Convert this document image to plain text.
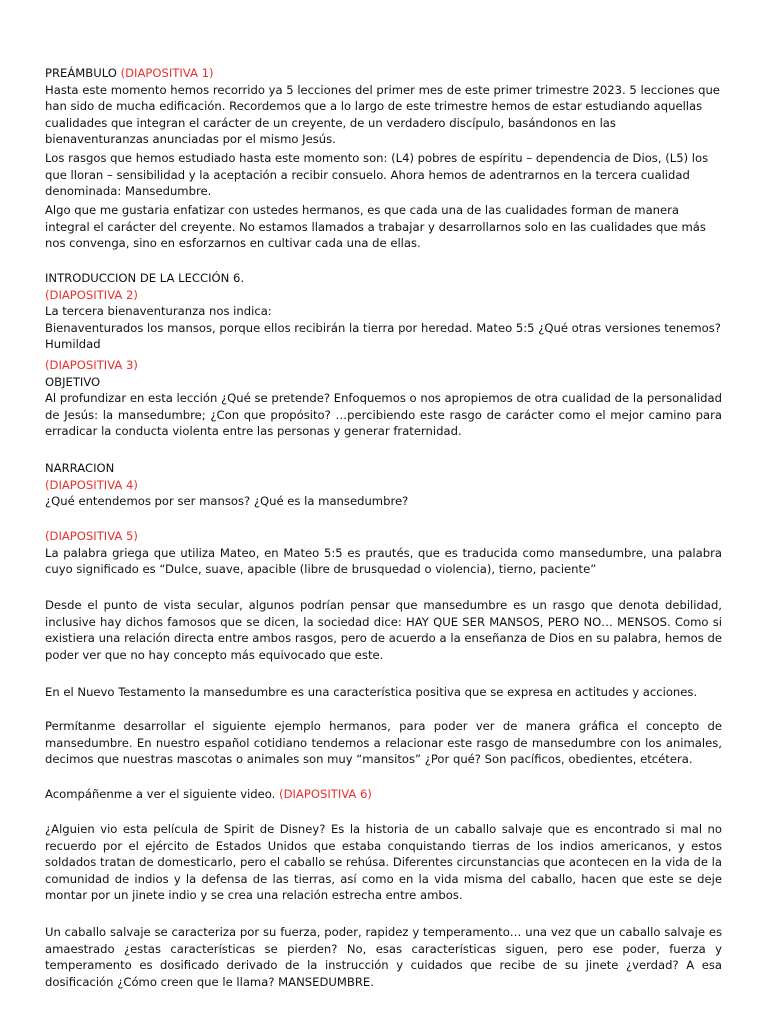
PREÁMBULO (DIAPOSITIVA 1)

Hasta este momento hemos recorrido ya 5 lecciones del primer mes de este primer trimestre 2023. 5 lecciones que han sido de mucha edificación. Recordemos que a lo largo de este trimestre hemos de estar estudiando aquellas cualidades que integran el carácter de un creyente, de un verdadero discípulo, basándonos en las bienaventuranzas anunciadas por el mismo Jesús.

Los rasgos que hemos estudiado hasta este momento son: (L4) pobres de espíritu – dependencia de Dios, (L5) los que lloran – sensibilidad y la aceptación a recibir consuelo. Ahora hemos de adentrarnos en la tercera cualidad denominada: Mansedumbre.

Algo que me gustaria enfatizar con ustedes hermanos, es que cada una de las cualidades forman de manera integral el carácter del creyente. No estamos llamados a trabajar y desarrollarnos solo en las cualidades que más nos convenga, sino en esforzarnos en cultivar cada una de ellas.

INTRODUCCION DE LA LECCIÓN 6.

(DIAPOSITIVA 2)

La tercera bienaventuranza nos indica:

Bienaventurados los mansos, porque ellos recibirán la tierra por heredad. Mateo 5:5 ¿Qué otras versiones tenemos? Humildad

(DIAPOSITIVA 3)

OBJETIVO

Al profundizar en esta lección ¿Qué se pretende? Enfoquemos o nos apropiemos de otra cualidad de la personalidad de Jesús: la mansedumbre; ¿Con que propósito? …percibiendo este rasgo de carácter como el mejor camino para erradicar la conducta violenta entre las personas y generar fraternidad.

NARRACION

(DIAPOSITIVA 4)

¿Qué entendemos por ser mansos? ¿Qué es la mansedumbre?

(DIAPOSITIVA 5)

La palabra griega que utiliza Mateo, en Mateo 5:5 es prautés, que es traducida como mansedumbre, una palabra cuyo significado es “Dulce, suave, apacible (libre de brusquedad o violencia), tierno, paciente”

Desde el punto de vista secular, algunos podrían pensar que mansedumbre es un rasgo que denota debilidad, inclusive hay dichos famosos que se dicen, la sociedad dice: HAY QUE SER MANSOS, PERO NO… MENSOS. Como si existiera una relación directa entre ambos rasgos, pero de acuerdo a la enseñanza de Dios en su palabra, hemos de poder ver que no hay concepto más equivocado que este.

En el Nuevo Testamento la mansedumbre es una característica positiva que se expresa en actitudes y acciones.

Permítanme desarrollar el siguiente ejemplo hermanos, para poder ver de manera gráfica el concepto de mansedumbre. En nuestro español cotidiano tendemos a relacionar este rasgo de mansedumbre con los animales, decimos que nuestras mascotas o animales son muy “mansitos” ¿Por qué? Son pacíficos, obedientes, etcétera.

Acompáñenme a ver el siguiente video. (DIAPOSITIVA 6)

¿Alguien vio esta película de Spirit de Disney? Es la historia de un caballo salvaje que es encontrado si mal no recuerdo por el ejército de Estados Unidos que estaba conquistando tierras de los indios americanos, y estos soldados tratan de domesticarlo, pero el caballo se rehúsa. Diferentes circunstancias que acontecen en la vida de la comunidad de indios y la defensa de las tierras, así como en la vida misma del caballo, hacen que este se deje montar por un jinete indio y se crea una relación estrecha entre ambos.

Un caballo salvaje se caracteriza por su fuerza, poder, rapidez y temperamento… una vez que un caballo salvaje es amaestrado ¿estas características se pierden? No, esas características siguen, pero ese poder, fuerza y temperamento es dosificado derivado de la instrucción y cuidados que recibe de su jinete ¿verdad? A esa dosificación ¿Cómo creen que le llama? MANSEDUMBRE.
